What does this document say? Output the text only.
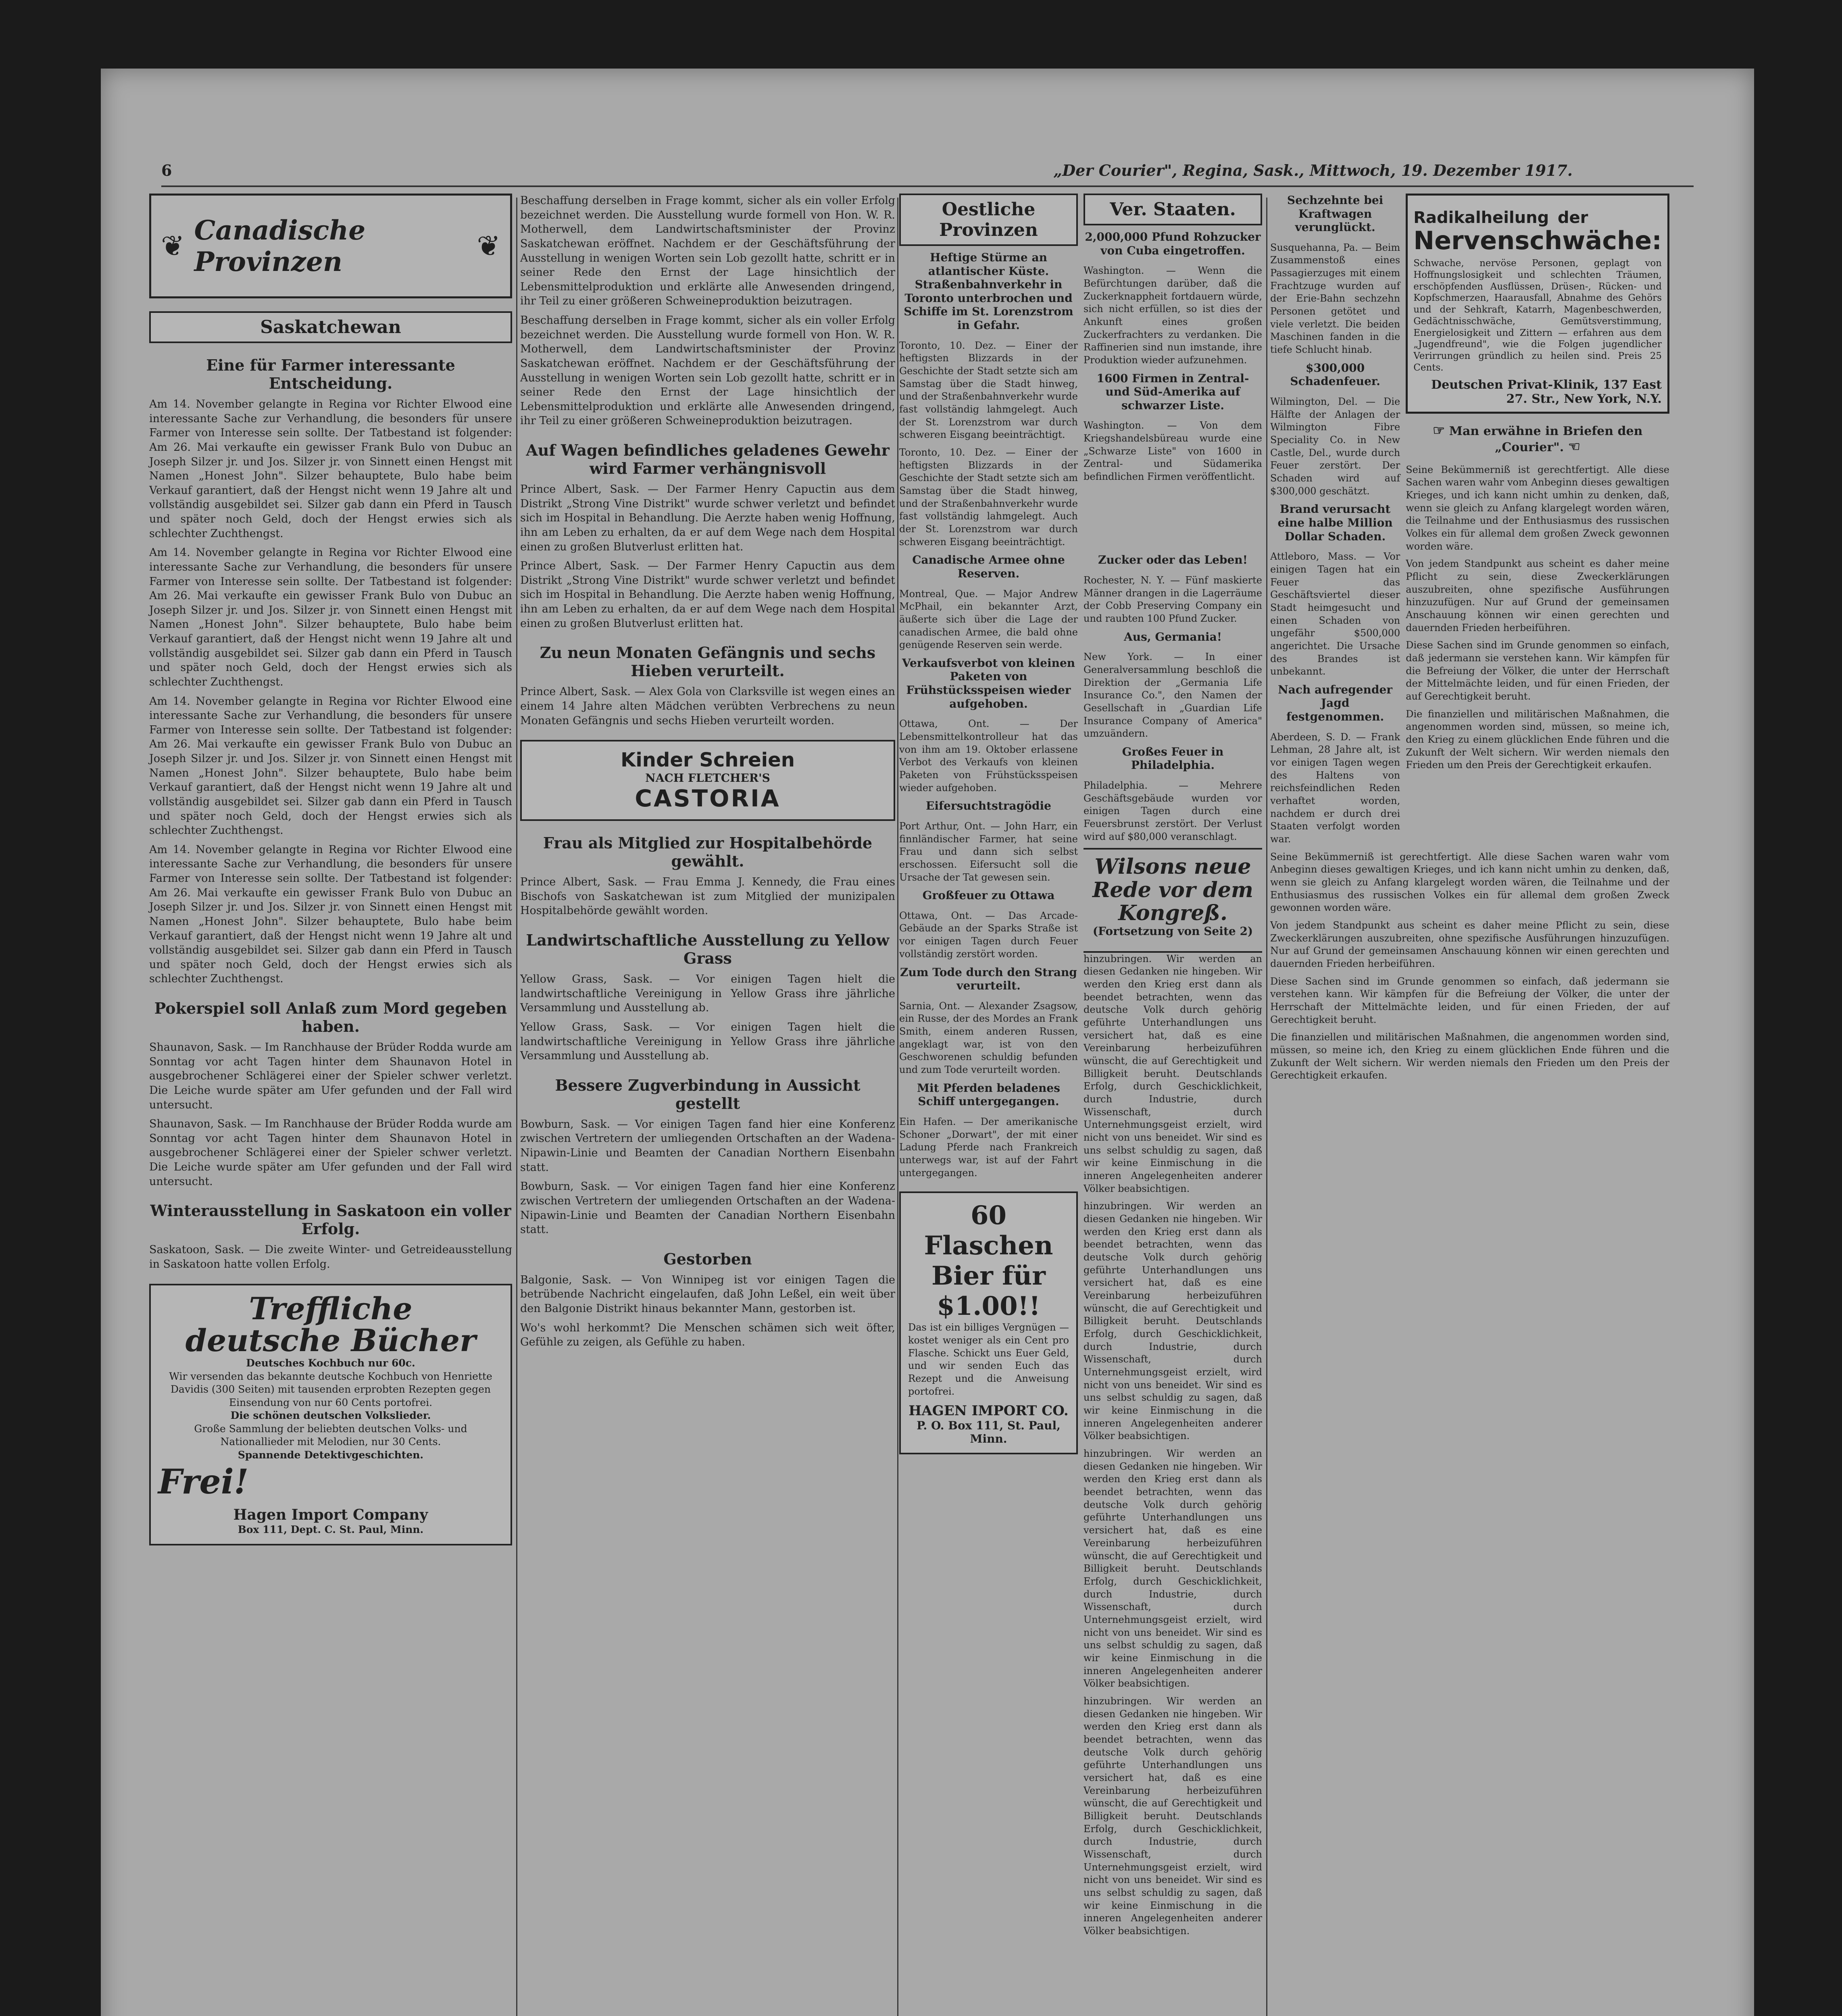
6	„Der Courier", Regina, Sask., Mittwoch, 19. Dezember 1917.
❦ Canadische Provinzen	❦
Saskatchewan
Eine für Farmer interessante Entscheidung.

Am 14. November gelangte in Regina vor Richter Elwood eine interessante Sache zur Verhandlung, die besonders für unsere Farmer von Interesse sein sollte. Der Tatbestand ist folgender: Am 26. Mai verkaufte ein gewisser Frank Bulo von Dubuc an Joseph Silzer jr. und Jos. Silzer jr. von Sinnett einen Hengst mit Namen „Honest John". Silzer behauptete, Bulo habe beim Verkauf garantiert, daß der Hengst nicht wenn 19 Jahre alt und vollständig ausgebildet sei. Silzer gab dann ein Pferd in Tausch und später noch Geld, doch der Hengst erwies sich als schlechter Zuchthengst.

Am 14. November gelangte in Regina vor Richter Elwood eine interessante Sache zur Verhandlung, die besonders für unsere Farmer von Interesse sein sollte. Der Tatbestand ist folgender: Am 26. Mai verkaufte ein gewisser Frank Bulo von Dubuc an Joseph Silzer jr. und Jos. Silzer jr. von Sinnett einen Hengst mit Namen „Honest John". Silzer behauptete, Bulo habe beim Verkauf garantiert, daß der Hengst nicht wenn 19 Jahre alt und vollständig ausgebildet sei. Silzer gab dann ein Pferd in Tausch und später noch Geld, doch der Hengst erwies sich als schlechter Zuchthengst.

Am 14. November gelangte in Regina vor Richter Elwood eine interessante Sache zur Verhandlung, die besonders für unsere Farmer von Interesse sein sollte. Der Tatbestand ist folgender: Am 26. Mai verkaufte ein gewisser Frank Bulo von Dubuc an Joseph Silzer jr. und Jos. Silzer jr. von Sinnett einen Hengst mit Namen „Honest John". Silzer behauptete, Bulo habe beim Verkauf garantiert, daß der Hengst nicht wenn 19 Jahre alt und vollständig ausgebildet sei. Silzer gab dann ein Pferd in Tausch und später noch Geld, doch der Hengst erwies sich als schlechter Zuchthengst.

Am 14. November gelangte in Regina vor Richter Elwood eine interessante Sache zur Verhandlung, die besonders für unsere Farmer von Interesse sein sollte. Der Tatbestand ist folgender: Am 26. Mai verkaufte ein gewisser Frank Bulo von Dubuc an Joseph Silzer jr. und Jos. Silzer jr. von Sinnett einen Hengst mit Namen „Honest John". Silzer behauptete, Bulo habe beim Verkauf garantiert, daß der Hengst nicht wenn 19 Jahre alt und vollständig ausgebildet sei. Silzer gab dann ein Pferd in Tausch und später noch Geld, doch der Hengst erwies sich als schlechter Zuchthengst.

Pokerspiel soll Anlaß zum Mord gegeben haben.

Shaunavon, Sask. — Im Ranchhause der Brüder Rodda wurde am Sonntag vor acht Tagen hinter dem Shaunavon Hotel in ausgebrochener Schlägerei einer der Spieler schwer verletzt. Die Leiche wurde später am Ufer gefunden und der Fall wird untersucht.

Shaunavon, Sask. — Im Ranchhause der Brüder Rodda wurde am Sonntag vor acht Tagen hinter dem Shaunavon Hotel in ausgebrochener Schlägerei einer der Spieler schwer verletzt. Die Leiche wurde später am Ufer gefunden und der Fall wird untersucht.

Winterausstellung in Saskatoon ein voller Erfolg.

Saskatoon, Sask. — Die zweite Winter- und Getreideausstellung in Saskatoon hatte vollen Erfolg.

Treffliche
deutsche Bücher
Deutsches Kochbuch nur 60c.
Wir versenden das bekannte deutsche Kochbuch von Henriette Davidis (300 Seiten) mit tausenden erprobten Rezepten gegen Einsendung von nur 60 Cents portofrei.
Die schönen deutschen Volkslieder.
Große Sammlung der beliebten deutschen Volks- und Nationallieder mit Melodien, nur 30 Cents.
Spannende Detektivgeschichten.
Frei!
Hagen Import Company
Box 111, Dept. C. St. Paul, Minn.

Beschaffung derselben in Frage kommt, sicher als ein voller Erfolg bezeichnet werden. Die Ausstellung wurde formell von Hon. W. R. Motherwell, dem Landwirtschaftsminister der Provinz Saskatchewan eröffnet. Nachdem er der Geschäftsführung der Ausstellung in wenigen Worten sein Lob gezollt hatte, schritt er in seiner Rede den Ernst der Lage hinsichtlich der Lebensmittelproduktion und erklärte alle Anwesenden dringend, ihr Teil zu einer größeren Schweineproduktion beizutragen.

Beschaffung derselben in Frage kommt, sicher als ein voller Erfolg bezeichnet werden. Die Ausstellung wurde formell von Hon. W. R. Motherwell, dem Landwirtschaftsminister der Provinz Saskatchewan eröffnet. Nachdem er der Geschäftsführung der Ausstellung in wenigen Worten sein Lob gezollt hatte, schritt er in seiner Rede den Ernst der Lage hinsichtlich der Lebensmittelproduktion und erklärte alle Anwesenden dringend, ihr Teil zu einer größeren Schweineproduktion beizutragen.

Auf Wagen befindliches geladenes Gewehr wird Farmer verhängnisvoll

Prince Albert, Sask. — Der Farmer Henry Capuctin aus dem Distrikt „Strong Vine Distrikt" wurde schwer verletzt und befindet sich im Hospital in Behandlung. Die Aerzte haben wenig Hoffnung, ihn am Leben zu erhalten, da er auf dem Wege nach dem Hospital einen zu großen Blutverlust erlitten hat.

Prince Albert, Sask. — Der Farmer Henry Capuctin aus dem Distrikt „Strong Vine Distrikt" wurde schwer verletzt und befindet sich im Hospital in Behandlung. Die Aerzte haben wenig Hoffnung, ihn am Leben zu erhalten, da er auf dem Wege nach dem Hospital einen zu großen Blutverlust erlitten hat.

Zu neun Monaten Gefängnis und sechs Hieben verurteilt.

Prince Albert, Sask. — Alex Gola von Clarksville ist wegen eines an einem 14 Jahre alten Mädchen verübten Verbrechens zu neun Monaten Gefängnis und sechs Hieben verurteilt worden.

Kinder Schreien
NACH FLETCHER'S
CASTORIA
Frau als Mitglied zur Hospitalbehörde gewählt.

Prince Albert, Sask. — Frau Emma J. Kennedy, die Frau eines Bischofs von Saskatchewan ist zum Mitglied der munizipalen Hospitalbehörde gewählt worden.

Landwirtschaftliche Ausstellung zu Yellow Grass

Yellow Grass, Sask. — Vor einigen Tagen hielt die landwirtschaftliche Vereinigung in Yellow Grass ihre jährliche Versammlung und Ausstellung ab.

Yellow Grass, Sask. — Vor einigen Tagen hielt die landwirtschaftliche Vereinigung in Yellow Grass ihre jährliche Versammlung und Ausstellung ab.

Bessere Zugverbindung in Aussicht gestellt

Bowburn, Sask. — Vor einigen Tagen fand hier eine Konferenz zwischen Vertretern der umliegenden Ortschaften an der Wadena-Nipawin-Linie und Beamten der Canadian Northern Eisenbahn statt.

Bowburn, Sask. — Vor einigen Tagen fand hier eine Konferenz zwischen Vertretern der umliegenden Ortschaften an der Wadena-Nipawin-Linie und Beamten der Canadian Northern Eisenbahn statt.

Gestorben

Balgonie, Sask. — Von Winnipeg ist vor einigen Tagen die betrübende Nachricht eingelaufen, daß John Leßel, ein weit über den Balgonie Distrikt hinaus bekannter Mann, gestorben ist.

Wo's wohl herkommt? Die Menschen schämen sich weit öfter, Gefühle zu zeigen, als Gefühle zu haben.

Oestliche Provinzen
Heftige Stürme an atlantischer Küste. Straßenbahnverkehr in Toronto unterbrochen und Schiffe im St. Lorenzstrom in Gefahr.

Toronto, 10. Dez. — Einer der heftigsten Blizzards in der Geschichte der Stadt setzte sich am Samstag über die Stadt hinweg, und der Straßenbahnverkehr wurde fast vollständig lahmgelegt. Auch der St. Lorenzstrom war durch schweren Eisgang beeinträchtigt.

Toronto, 10. Dez. — Einer der heftigsten Blizzards in der Geschichte der Stadt setzte sich am Samstag über die Stadt hinweg, und der Straßenbahnverkehr wurde fast vollständig lahmgelegt. Auch der St. Lorenzstrom war durch schweren Eisgang beeinträchtigt.

Ver. Staaten.
2,000,000 Pfund Rohzucker von Cuba eingetroffen.

Washington. — Wenn die Befürchtungen darüber, daß die Zuckerknappheit fortdauern würde, sich nicht erfüllen, so ist dies der Ankunft eines großen Zuckerfrachters zu verdanken. Die Raffinerien sind nun imstande, ihre Produktion wieder aufzunehmen.

1600 Firmen in Zentral- und Süd-Amerika auf schwarzer Liste.

Washington. — Von dem Kriegshandelsbüreau wurde eine „Schwarze Liste" von 1600 in Zentral- und Südamerika befindlichen Firmen veröffentlicht.

Canadische Armee ohne Reserven.

Montreal, Que. — Major Andrew McPhail, ein bekannter Arzt, äußerte sich über die Lage der canadischen Armee, die bald ohne genügende Reserven sein werde.

Verkaufsverbot von kleinen Paketen von Frühstücksspeisen wieder aufgehoben.

Ottawa, Ont. — Der Lebensmittelkontrolleur hat das von ihm am 19. Oktober erlassene Verbot des Verkaufs von kleinen Paketen von Frühstücksspeisen wieder aufgehoben.

Eifersuchtstragödie

Port Arthur, Ont. — John Harr, ein finnländischer Farmer, hat seine Frau und dann sich selbst erschossen. Eifersucht soll die Ursache der Tat gewesen sein.

Großfeuer zu Ottawa

Ottawa, Ont. — Das Arcade-Gebäude an der Sparks Straße ist vor einigen Tagen durch Feuer vollständig zerstört worden.

Zum Tode durch den Strang verurteilt.

Sarnia, Ont. — Alexander Zsagsow, ein Russe, der des Mordes an Frank Smith, einem anderen Russen, angeklagt war, ist von den Geschworenen schuldig befunden und zum Tode verurteilt worden.

Mit Pferden beladenes Schiff untergegangen.

Ein Hafen. — Der amerikanische Schoner „Dorwart", der mit einer Ladung Pferde nach Frankreich unterwegs war, ist auf der Fahrt untergegangen.

60 Flaschen Bier für $1.00!!

Das ist ein billiges Vergnügen — kostet weniger als ein Cent pro Flasche. Schickt uns Euer Geld, und wir senden Euch das Rezept und die Anweisung portofrei.

HAGEN IMPORT CO.
P. O. Box 111, St. Paul, Minn.
Zucker oder das Leben!

Rochester, N. Y. — Fünf maskierte Männer drangen in die Lagerräume der Cobb Preserving Company ein und raubten 100 Pfund Zucker.

Aus, Germania!

New York. — In einer Generalversammlung beschloß die Direktion der „Germania Life Insurance Co.", den Namen der Gesellschaft in „Guardian Life Insurance Company of America" umzuändern.

Großes Feuer in Philadelphia.

Philadelphia. — Mehrere Geschäftsgebäude wurden vor einigen Tagen durch eine Feuersbrunst zerstört. Der Verlust wird auf $80,000 veranschlagt.

Wilsons neue Rede vor dem Kongreß.
(Fortsetzung von Seite 2)

hinzubringen. Wir werden an diesen Gedanken nie hingeben. Wir werden den Krieg erst dann als beendet betrachten, wenn das deutsche Volk durch gehörig geführte Unterhandlungen uns versichert hat, daß es eine Vereinbarung herbeizuführen wünscht, die auf Gerechtigkeit und Billigkeit beruht. Deutschlands Erfolg, durch Geschicklichkeit, durch Industrie, durch Wissenschaft, durch Unternehmungsgeist erzielt, wird nicht von uns beneidet. Wir sind es uns selbst schuldig zu sagen, daß wir keine Einmischung in die inneren Angelegenheiten anderer Völker beabsichtigen.

hinzubringen. Wir werden an diesen Gedanken nie hingeben. Wir werden den Krieg erst dann als beendet betrachten, wenn das deutsche Volk durch gehörig geführte Unterhandlungen uns versichert hat, daß es eine Vereinbarung herbeizuführen wünscht, die auf Gerechtigkeit und Billigkeit beruht. Deutschlands Erfolg, durch Geschicklichkeit, durch Industrie, durch Wissenschaft, durch Unternehmungsgeist erzielt, wird nicht von uns beneidet. Wir sind es uns selbst schuldig zu sagen, daß wir keine Einmischung in die inneren Angelegenheiten anderer Völker beabsichtigen.

hinzubringen. Wir werden an diesen Gedanken nie hingeben. Wir werden den Krieg erst dann als beendet betrachten, wenn das deutsche Volk durch gehörig geführte Unterhandlungen uns versichert hat, daß es eine Vereinbarung herbeizuführen wünscht, die auf Gerechtigkeit und Billigkeit beruht. Deutschlands Erfolg, durch Geschicklichkeit, durch Industrie, durch Wissenschaft, durch Unternehmungsgeist erzielt, wird nicht von uns beneidet. Wir sind es uns selbst schuldig zu sagen, daß wir keine Einmischung in die inneren Angelegenheiten anderer Völker beabsichtigen.

hinzubringen. Wir werden an diesen Gedanken nie hingeben. Wir werden den Krieg erst dann als beendet betrachten, wenn das deutsche Volk durch gehörig geführte Unterhandlungen uns versichert hat, daß es eine Vereinbarung herbeizuführen wünscht, die auf Gerechtigkeit und Billigkeit beruht. Deutschlands Erfolg, durch Geschicklichkeit, durch Industrie, durch Wissenschaft, durch Unternehmungsgeist erzielt, wird nicht von uns beneidet. Wir sind es uns selbst schuldig zu sagen, daß wir keine Einmischung in die inneren Angelegenheiten anderer Völker beabsichtigen.

Sechzehnte bei Kraftwagen verunglückt.

Susquehanna, Pa. — Beim Zusammenstoß eines Passagierzuges mit einem Frachtzuge wurden auf der Erie-Bahn sechzehn Personen getötet und viele verletzt. Die beiden Maschinen fanden in die tiefe Schlucht hinab.

$300,000 Schadenfeuer.

Wilmington, Del. — Die Hälfte der Anlagen der Wilmington Fibre Speciality Co. in New Castle, Del., wurde durch Feuer zerstört. Der Schaden wird auf $300,000 geschätzt.

Brand verursacht eine halbe Million Dollar Schaden.

Attleboro, Mass. — Vor einigen Tagen hat ein Feuer das Geschäftsviertel dieser Stadt heimgesucht und einen Schaden von ungefähr $500,000 angerichtet. Die Ursache des Brandes ist unbekannt.

Nach aufregender Jagd festgenommen.

Aberdeen, S. D. — Frank Lehman, 28 Jahre alt, ist vor einigen Tagen wegen des Haltens von reichsfeindlichen Reden verhaftet worden, nachdem er durch drei Staaten verfolgt worden war.

Radikalheilung der
Nervenschwäche:
Schwache, nervöse Personen, geplagt von Hoffnungslosigkeit und schlechten Träumen, erschöpfenden Ausflüssen, Drüsen-, Rücken- und Kopfschmerzen, Haarausfall, Abnahme des Gehörs und der Sehkraft, Katarrh, Magenbeschwerden, Gedächtnisschwäche, Gemütsverstimmung, Energielosigkeit und Zittern — erfahren aus dem „Jugendfreund", wie die Folgen jugendlicher Verirrungen gründlich zu heilen sind. Preis 25 Cents.
Deutschen Privat-Klinik, 137 East 27. Str., New York, N.Y.
☞ Man erwähne in Briefen den „Courier". ☜

Seine Bekümmerniß ist gerechtfertigt. Alle diese Sachen waren wahr vom Anbeginn dieses gewaltigen Krieges, und ich kann nicht umhin zu denken, daß, wenn sie gleich zu Anfang klargelegt worden wären, die Teilnahme und der Enthusiasmus des russischen Volkes ein für allemal dem großen Zweck gewonnen worden wäre.

Von jedem Standpunkt aus scheint es daher meine Pflicht zu sein, diese Zweckerklärungen auszubreiten, ohne spezifische Ausführungen hinzuzufügen. Nur auf Grund der gemeinsamen Anschauung können wir einen gerechten und dauernden Frieden herbeiführen.

Diese Sachen sind im Grunde genommen so einfach, daß jedermann sie verstehen kann. Wir kämpfen für die Befreiung der Völker, die unter der Herrschaft der Mittelmächte leiden, und für einen Frieden, der auf Gerechtigkeit beruht.

Die finanziellen und militärischen Maßnahmen, die angenommen worden sind, müssen, so meine ich, den Krieg zu einem glücklichen Ende führen und die Zukunft der Welt sichern. Wir werden niemals den Frieden um den Preis der Gerechtigkeit erkaufen.

Seine Bekümmerniß ist gerechtfertigt. Alle diese Sachen waren wahr vom Anbeginn dieses gewaltigen Krieges, und ich kann nicht umhin zu denken, daß, wenn sie gleich zu Anfang klargelegt worden wären, die Teilnahme und der Enthusiasmus des russischen Volkes ein für allemal dem großen Zweck gewonnen worden wäre.

Von jedem Standpunkt aus scheint es daher meine Pflicht zu sein, diese Zweckerklärungen auszubreiten, ohne spezifische Ausführungen hinzuzufügen. Nur auf Grund der gemeinsamen Anschauung können wir einen gerechten und dauernden Frieden herbeiführen.

Diese Sachen sind im Grunde genommen so einfach, daß jedermann sie verstehen kann. Wir kämpfen für die Befreiung der Völker, die unter der Herrschaft der Mittelmächte leiden, und für einen Frieden, der auf Gerechtigkeit beruht.

Die finanziellen und militärischen Maßnahmen, die angenommen worden sind, müssen, so meine ich, den Krieg zu einem glücklichen Ende führen und die Zukunft der Welt sichern. Wir werden niemals den Frieden um den Preis der Gerechtigkeit erkaufen.
